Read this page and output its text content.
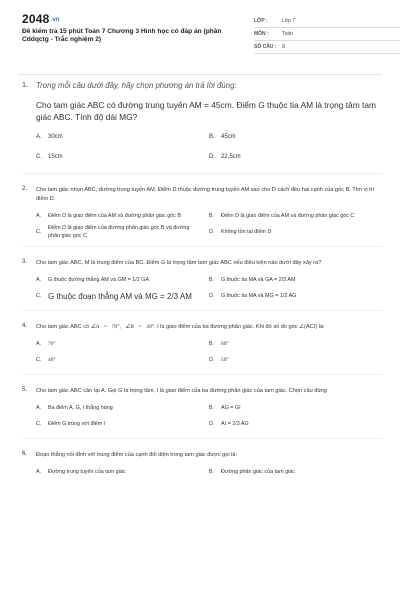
2048.vn
Đề kiểm tra 15 phút Toán 7 Chương 3 Hình học có đáp án (phần Cddqctg - Trắc nghiệm 2)
LỚP :	Lớp 7
MÔN :	Toán
SỐ CÂU :	8
1. Trong mỗi câu dưới đây, hãy chọn phương án trả lời đúng:
Cho tam giác ABC có đường trung tuyến AM = 45cm. Điểm G thuộc tia AM là trọng tâm tam giác ABC. Tính độ dài MG?
A.	30cm	B.	45cm
C.	15cm	D.	22,5cm
2. Cho tam giác nhọn ABC, đường trung tuyến AM. Điểm D thuộc đường trung tuyến AM sao cho D cách đều hai cạnh của góc B. Tìm vị trí điểm D.
A.	Điểm D là giao điểm của AM và đường phân giác góc B	B.	Điểm D là giao điểm của AM và đường phân giác góc C
C.
Điểm D là giao điểm của đường phân giác góc B và đường phân giác góc C
D.	Không tồn tại điểm D
3. Cho tam giác ABC, M là trung điểm của BC. Điểm G là trọng tâm tam giác ABC nếu điều kiện nào dưới đây xảy ra?
A.	G thuộc đường thẳng AM và GM = 1/2 GA	B.	G thuộc tia MA và GA = 2/3 AM
C. G thuộc đoạn thẳng AM và MG = 2/3 AM	D.	G thuộc tia MA và MG = 1/2 AG
4. Cho tam giác ABC có ∠A = 70°, ∠B = 30°. I là giao điểm của ba đường phân giác. Khi đó số đo góc ∠(ACI) là:
A.	70°	B.	60°
C.	40°	D.	50°
5. Cho tam giác ABC cân tại A. Gọi G là trọng tâm, I là giao điểm của ba đường phân giác của tam giác. Chọn câu đúng
A.	Ba điểm A, G, I thẳng hàng	B.	AG = GI
C.	Điểm G trùng với điểm I	D.	AI = 2/3 AG
6. Đoạn thẳng nối đỉnh với trung điểm của cạnh đối diện trong tam giác được gọi là:
A.	Đường trung tuyến của tam giác	B.	Đường phân giác của tam giác
